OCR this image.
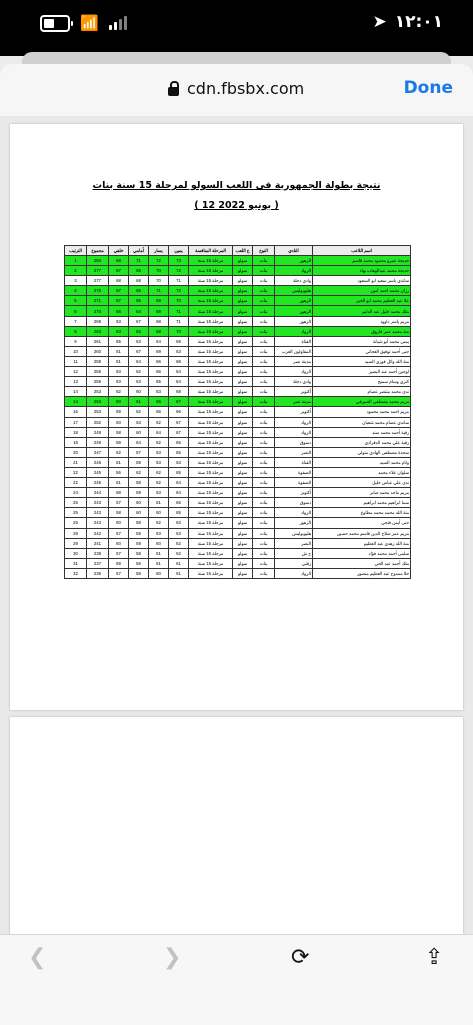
📶	➤ ١٢:٠١
cdn.fbsbx.com	Done
نتيجة بطولة الجمهورية فى اللعب السولو لمرحلة 15 سنة بنات
( 12 يونيو 2022 )
الترتيب	مجموع	خلفي	أمامي	يسار	يمين	المرحلة المنافسة	ع اللعب	النوع	النادي	اسم اللاعب
1	284	68	71	72	73	مرحلة 15 سنة	سولو	بنات	الزهور	خديجة عمرو محمود محمد قاسم
2	277	67	68	70	72	مرحلة 15 سنة	سولو	بنات	الرواد	خديجة محمد عبدالوهاب بهاء
3	277	68	68	70	71	مرحلة 15 سنة	سولو	بنات	وادي دجلة	ساندي ياسر سعيد ابو السعود
4	275	67	65	71	72	مرحلة 15 سنة	سولو	بنات	هليوبوليس	رزان محمد احمد امين
5	271	67	65	69	70	مرحلة 15 سنة	سولو	بنات	الزهور	علا عبد العظيم محمد ابو الخير
6	270	66	64	69	71	مرحلة 15 سنة	سولو	بنات	الزهور	ملك محمد خليل عبد الدايم
7	269	63	67	68	71	مرحلة 15 سنة	سولو	بنات	الزهور	مريم ياسر داوود
8	263	63	62	68	70	مرحلة 15 سنة	سولو	بنات	الرواد	منة محمد عمر فاروق
9	261	65	63	64	69	مرحلة 15 سنة	سولو	بنات	القناة	يمنى محمد أبو شيانة
10	260	61	67	69	63	مرحلة 15 سنة	سولو	بنات	المقاولون العرب	جنى أحمد توفيق العجاتي
11	259	61	64	66	68	مرحلة 15 سنة	سولو	بنات	مدينة نصر	منة الله وائل فوزي السيد
12	255	63	62	66	64	مرحلة 15 سنة	سولو	بنات	الرواد	لوجين أحمد عبد البصير
13	255	63	63	65	64	مرحلة 15 سنة	سولو	بنات	وادي دجلة	كنزي وسام سميح
14	253	62	60	63	68	مرحلة 15 سنة	سولو	بنات	أكتوبر	ندى محمد منتصر عصام
14	253	60	61	65	67	مرحلة 15 سنة	سولو	بنات	مدينة نصر	مريم محمد مصطفى الصيرفي
16	253	59	62	66	66	مرحلة 15 سنة	سولو	بنات	أكتوبر	مريم احمد محمد محمود
17	252	60	63	62	67	مرحلة 15 سنة	سولو	بنات	الرواد	ساندي عصام محمد شعبان
18	249	58	60	64	67	مرحلة 15 سنة	سولو	بنات	الرواد	رقية أحمد محمد سند
18	249	58	64	62	65	مرحلة 15 سنة	سولو	بنات	دسوق	رقية علي محمد الدقرادي
20	247	62	57	63	65	مرحلة 15 سنة	سولو	بنات	النصر	سجدة مصطفى الهادي متولي
21	246	61	59	63	63	مرحلة 15 سنة	سولو	بنات	القناة	وئام محمد السيد
22	245	56	62	62	65	مرحلة 15 سنة	سولو	بنات	الصفوة	سلوان علاء محمد
22	245	61	58	62	64	مرحلة 15 سنة	سولو	بنات	الصفوة	ندى علي عباس خليل
24	244	58	59	63	64	مرحلة 15 سنة	سولو	بنات	أكتوبر	مريم ماجد محمد صابر
25	243	57	60	61	65	مرحلة 15 سنة	سولو	بنات	دسوق	سما ابراهيم محمد ابراهيم
25	243	58	60	60	65	مرحلة 15 سنة	سولو	بنات	الرواد	منة الله محمد محمد مطاوع
25	243	60	58	62	63	مرحلة 15 سنة	سولو	بنات	الزهور	جنى أيمن فتحي
28	242	57	59	63	63	مرحلة 15 سنة	سولو	بنات	هليوبوليس	مريم عمر صلاح الدين قاسم محمد حسين
29	241	60	59	60	62	مرحلة 15 سنة	سولو	بنات	النصر	منة الله زهدي عبد العظيم
30	238	57	58	61	62	مرحلة 15 سنة	سولو	بنات	ح ش	سلمى أحمد محمد فؤاد
31	237	59	56	61	61	مرحلة 15 سنة	سولو	بنات	زفتي	ملك أحمد عبد الحي
32	236	57	58	60	61	مرحلة 15 سنة	سولو	بنات	الرواد	حلا ممدوح عبد العظيم منصور
❮	❯	⟳	⇪
